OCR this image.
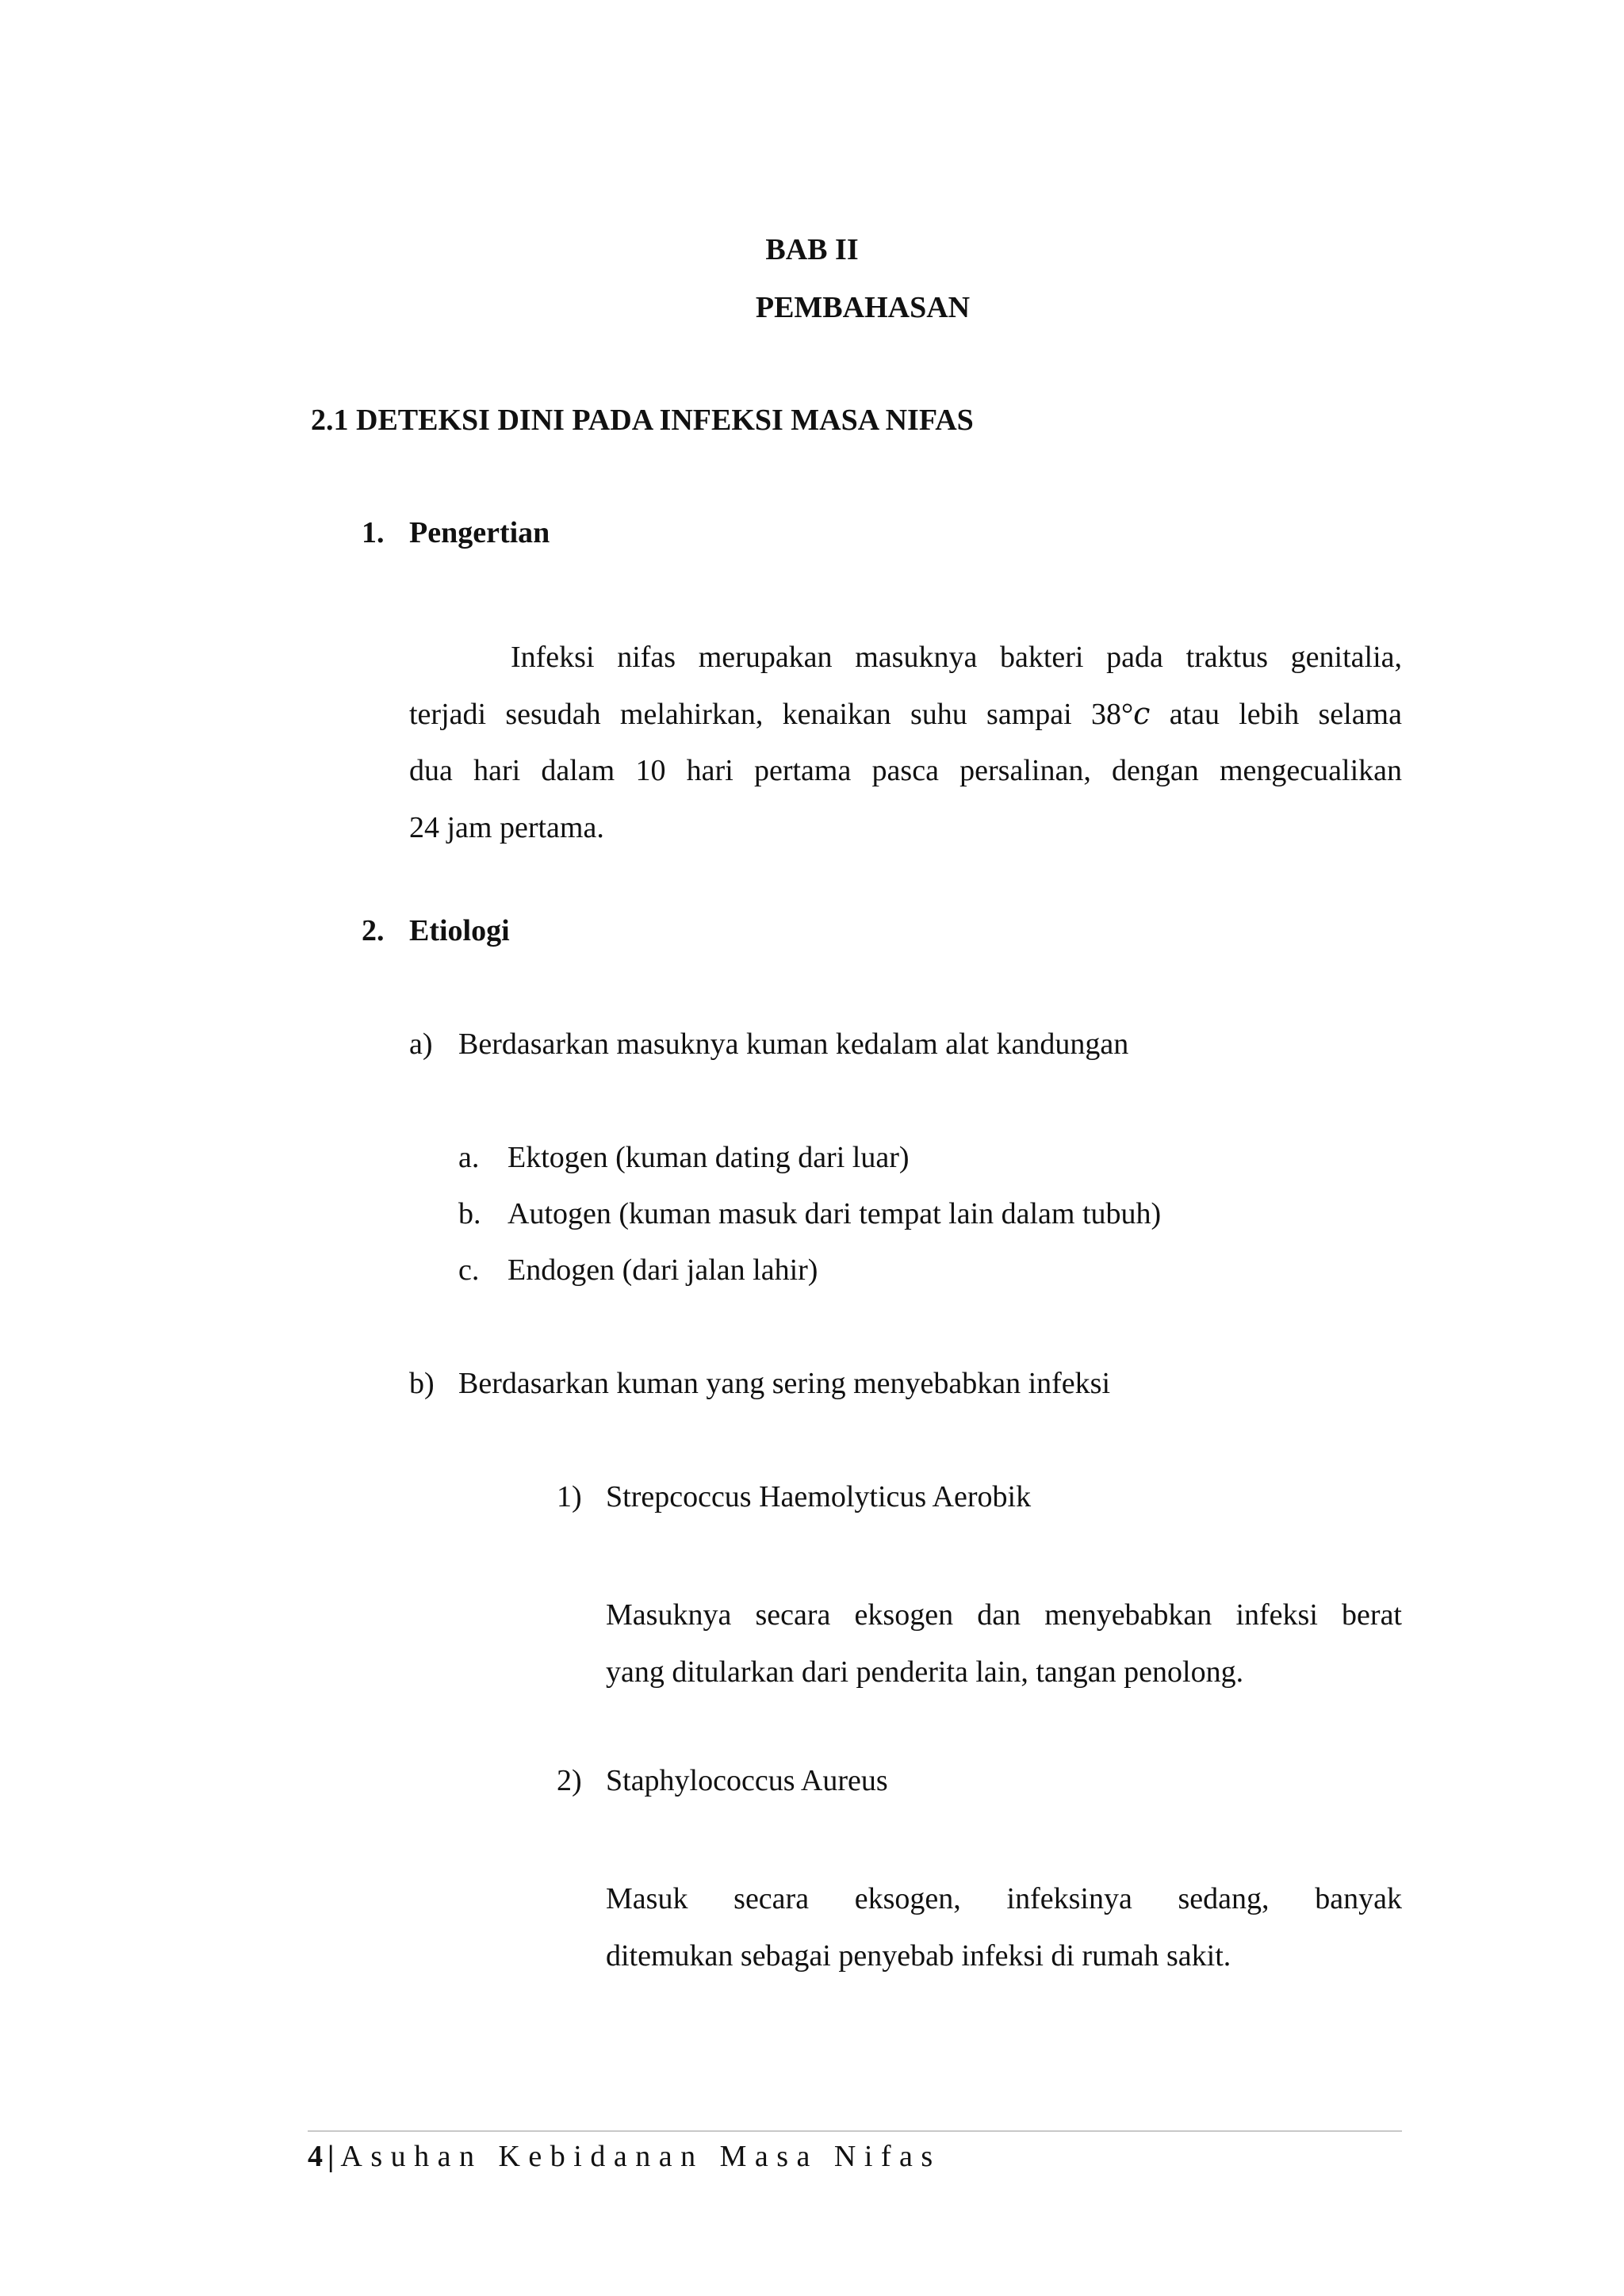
BAB II
PEMBAHASAN
2.1 DETEKSI DINI PADA INFEKSI MASA NIFAS
1. Pengertian
Infeksi nifas merupakan masuknya bakteri pada traktus genitalia,
terjadi sesudah melahirkan, kenaikan suhu sampai 38°𝑐 atau lebih selama
dua hari dalam 10 hari pertama pasca persalinan, dengan mengecualikan
24 jam pertama.
2. Etiologi
a) Berdasarkan masuknya kuman kedalam alat kandungan
a. Ektogen (kuman dating dari luar)
b. Autogen (kuman masuk dari tempat lain dalam tubuh)
c. Endogen (dari jalan lahir)
b) Berdasarkan kuman yang sering menyebabkan infeksi
1) Strepcoccus Haemolyticus Aerobik
Masuknya secara eksogen dan menyebabkan infeksi berat
yang ditularkan dari penderita lain, tangan penolong.
2) Staphylococcus Aureus
Masuk secara eksogen, infeksinya sedang, banyak
ditemukan sebagai penyebab infeksi di rumah sakit.
4 | Asuhan Kebidanan Masa Nifas
